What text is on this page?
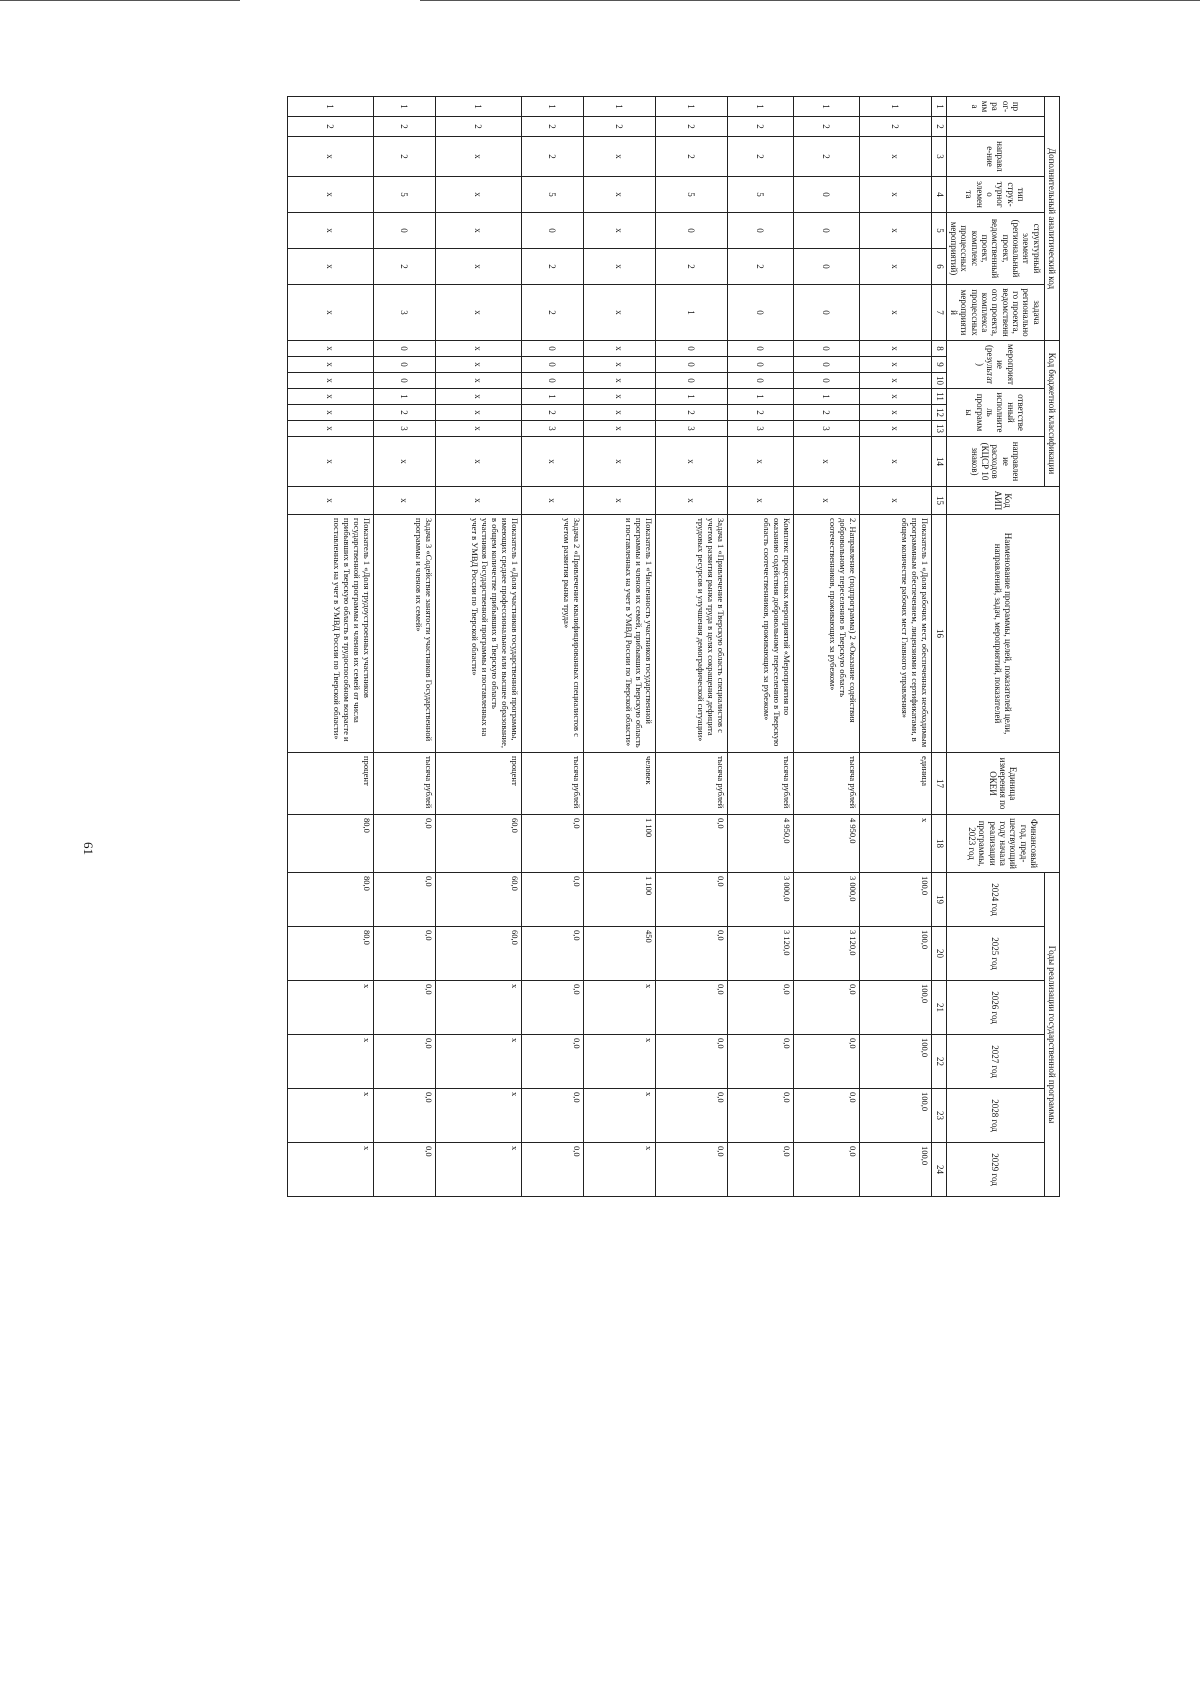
61
Дополнительный аналитический код							Код бюджетной классификации							Код АИП	Наименование программы, целей, показателей цели, направлений, задач, мероприятий, показателей	Единица измерения по ОКЕИ	Финансовый год, пред-шествующий году начала реализации программы, 2023 год	Годы реализации государственной программы					
прог-рамма		направле-ние	тип струк-турного элемента	структурный элемент (региональный проект, ведомственный проект, комплекс процессных мероприятий)		задача регионального проекта, ведомственного проекта, комплекса процессных мероприятий	мероприятие (результат)			ответственный исполнитель программы			направление расходов (КЦСР 10 знаков)					2024 год	2025 год	2026 год	2027 год	2028 год	2029 год
1	2	3	4	5	6	7	8	9	10	11	12	13	14	15	16	17	18	19	20	21	22	23	24
1	2	x	x	x	x	x	x	x	x	x	x	x	x	x	Показатель 1 «Доля рабочих мест, обеспеченных необходимым программным обеспечением, лицензиями и сертификатами, в общем количестве рабочих мест Главного управления»	единица	x	100,0	100,0	100,0	100,0	100,0	100,0
1	2	2	0	0	0	0	0	0	0	1	2	3	x	x	2. Направление (подпрограмма) 2 «Оказание содействия добровольному переселению в Тверскую область соотечественников, проживающих за рубежом»	тысяча рублей	4 950,0	3 000,0	3 120,0	0,0	0,0	0,0	0,0
1	2	2	5	0	2	0	0	0	0	1	2	3	x	x	Комплекс процессных мероприятий «Мероприятия по оказанию содействия добровольному переселению в Тверскую область соотечественников, проживающих за рубежом»	тысяча рублей	4 950,0	3 000,0	3 120,0	0,0	0,0	0,0	0,0
1	2	2	5	0	2	1	0	0	0	1	2	3	x	x	Задача 1 «Привлечение в Тверскую область специалистов с учетом развития рынка труда в целях сокращения дефицита трудовых ресурсов и улучшения демографической ситуации»	тысяча рублей	0,0	0,0	0,0	0,0	0,0	0,0	0,0
1	2	x	x	x	x	x	x	x	x	x	x	x	x	x	Показатель 1 «Численность участников государственной программы и членов их семей, прибывших в Тверскую область и поставленных на учет в УМВД России по Тверской области»	человек	1 100	1 100	450	x	x	x	x
1	2	2	5	0	2	2	0	0	0	1	2	3	x	x	Задача 2 «Привлечение квалифицированных специалистов с учетом развития рынка труда»	тысяча рублей	0,0	0,0	0,0	0,0	0,0	0,0	0,0
1	2	x	x	x	x	x	x	x	x	x	x	x	x	x	Показатель 1 «Доля участников государственной программы, имеющих среднее профессиональное или высшее образование, в общем количестве прибывших в Тверскую область участников Государственной программы и поставленных на учет в УМВД России по Тверской области»	процент	60,0	60,0	60,0	x	x	x	x
1	2	2	5	0	2	3	0	0	0	1	2	3	x	x	Задача 3 «Содействие занятости участников Государственной программы и членов их семей»	тысяча рублей	0,0	0,0	0,0	0,0	0,0	0,0	0,0
1	2	x	x	x	x	x	x	x	x	x	x	x	x	x	Показатель 1 «Доля трудоустроенных участников государственной программы и членов их семей от числа прибывших в Тверскую область в трудоспособном возрасте и поставленных на учет в УМВД России по Тверской области»	процент	80,0	80,0	80,0	x	x	x	x
